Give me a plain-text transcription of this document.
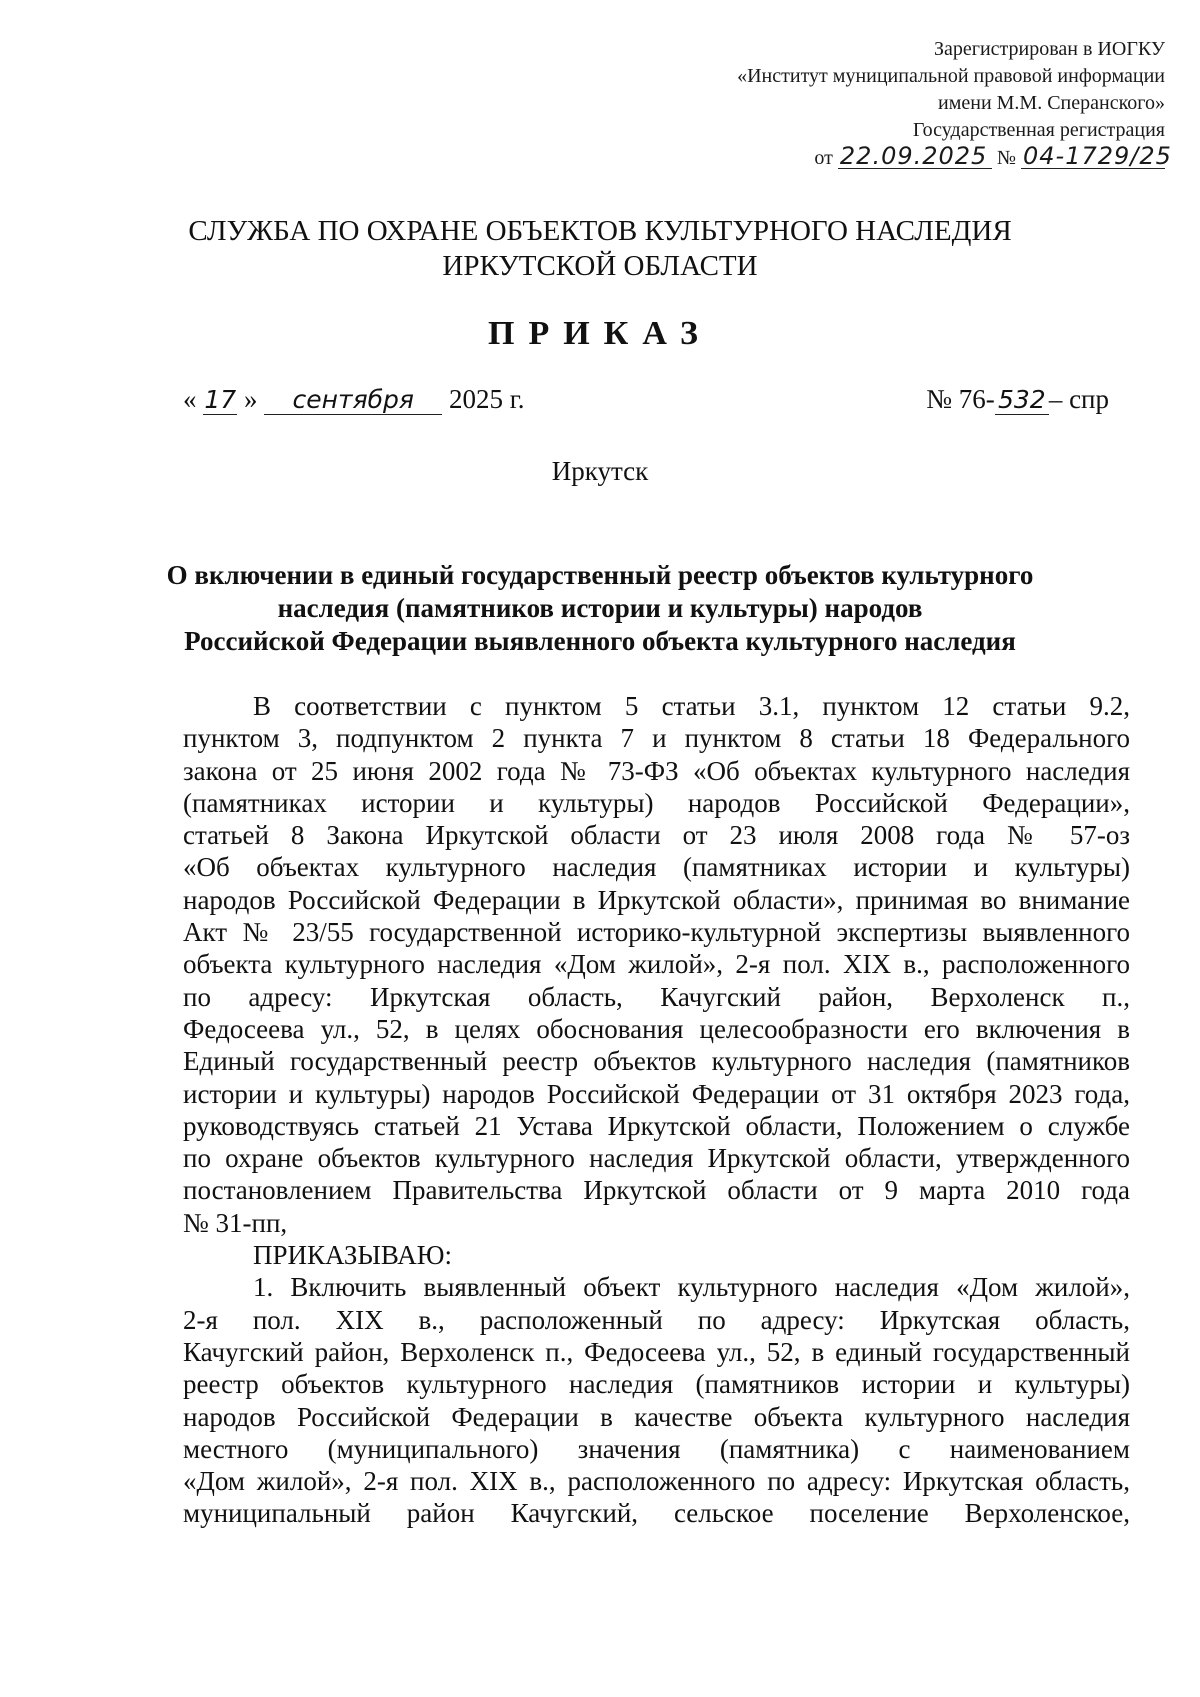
Зарегистрирован в ИОГКУ
«Институт муниципальной правовой информации
имени М.М. Сперанского»
Государственная регистрация
от 22.09.2025 № 04-1729/25
СЛУЖБА ПО ОХРАНЕ ОБЪЕКТОВ КУЛЬТУРНОГО НАСЛЕДИЯ
ИРКУТСКОЙ ОБЛАСТИ
ПРИКАЗ
« 17 » сентября 2025 г.	№ 76- 532 – спр
Иркутск
О включении в единый государственный реестр объектов культурного
наследия (памятников истории и культуры) народов
Российской Федерации выявленного объекта культурного наследия
В соответствии с пунктом 5 статьи 3.1, пунктом 12 статьи 9.2,
пунктом 3, подпунктом 2 пункта 7 и пунктом 8 статьи 18 Федерального
закона от 25 июня 2002 года № 73-ФЗ «Об объектах культурного наследия
(памятниках истории и культуры) народов Российской Федерации»,
статьей 8 Закона Иркутской области от 23 июля 2008 года № 57-оз
«Об объектах культурного наследия (памятниках истории и культуры)
народов Российской Федерации в Иркутской области», принимая во внимание
Акт № 23/55 государственной историко-культурной экспертизы выявленного
объекта культурного наследия «Дом жилой», 2-я пол. XIX в., расположенного
по адресу: Иркутская область, Качугский район, Верхоленск п.,
Федосеева ул., 52, в целях обоснования целесообразности его включения в
Единый государственный реестр объектов культурного наследия (памятников
истории и культуры) народов Российской Федерации от 31 октября 2023 года,
руководствуясь статьей 21 Устава Иркутской области, Положением о службе
по охране объектов культурного наследия Иркутской области, утвержденного
постановлением Правительства Иркутской области от 9 марта 2010 года
№ 31-пп,
ПРИКАЗЫВАЮ:
1. Включить выявленный объект культурного наследия «Дом жилой»,
2-я пол. XIX в., расположенный по адресу: Иркутская область,
Качугский район, Верхоленск п., Федосеева ул., 52, в единый государственный
реестр объектов культурного наследия (памятников истории и культуры)
народов Российской Федерации в качестве объекта культурного наследия
местного (муниципального) значения (памятника) с наименованием
«Дом жилой», 2-я пол. XIX в., расположенного по адресу: Иркутская область,
муниципальный район Качугский, сельское поселение Верхоленское,
